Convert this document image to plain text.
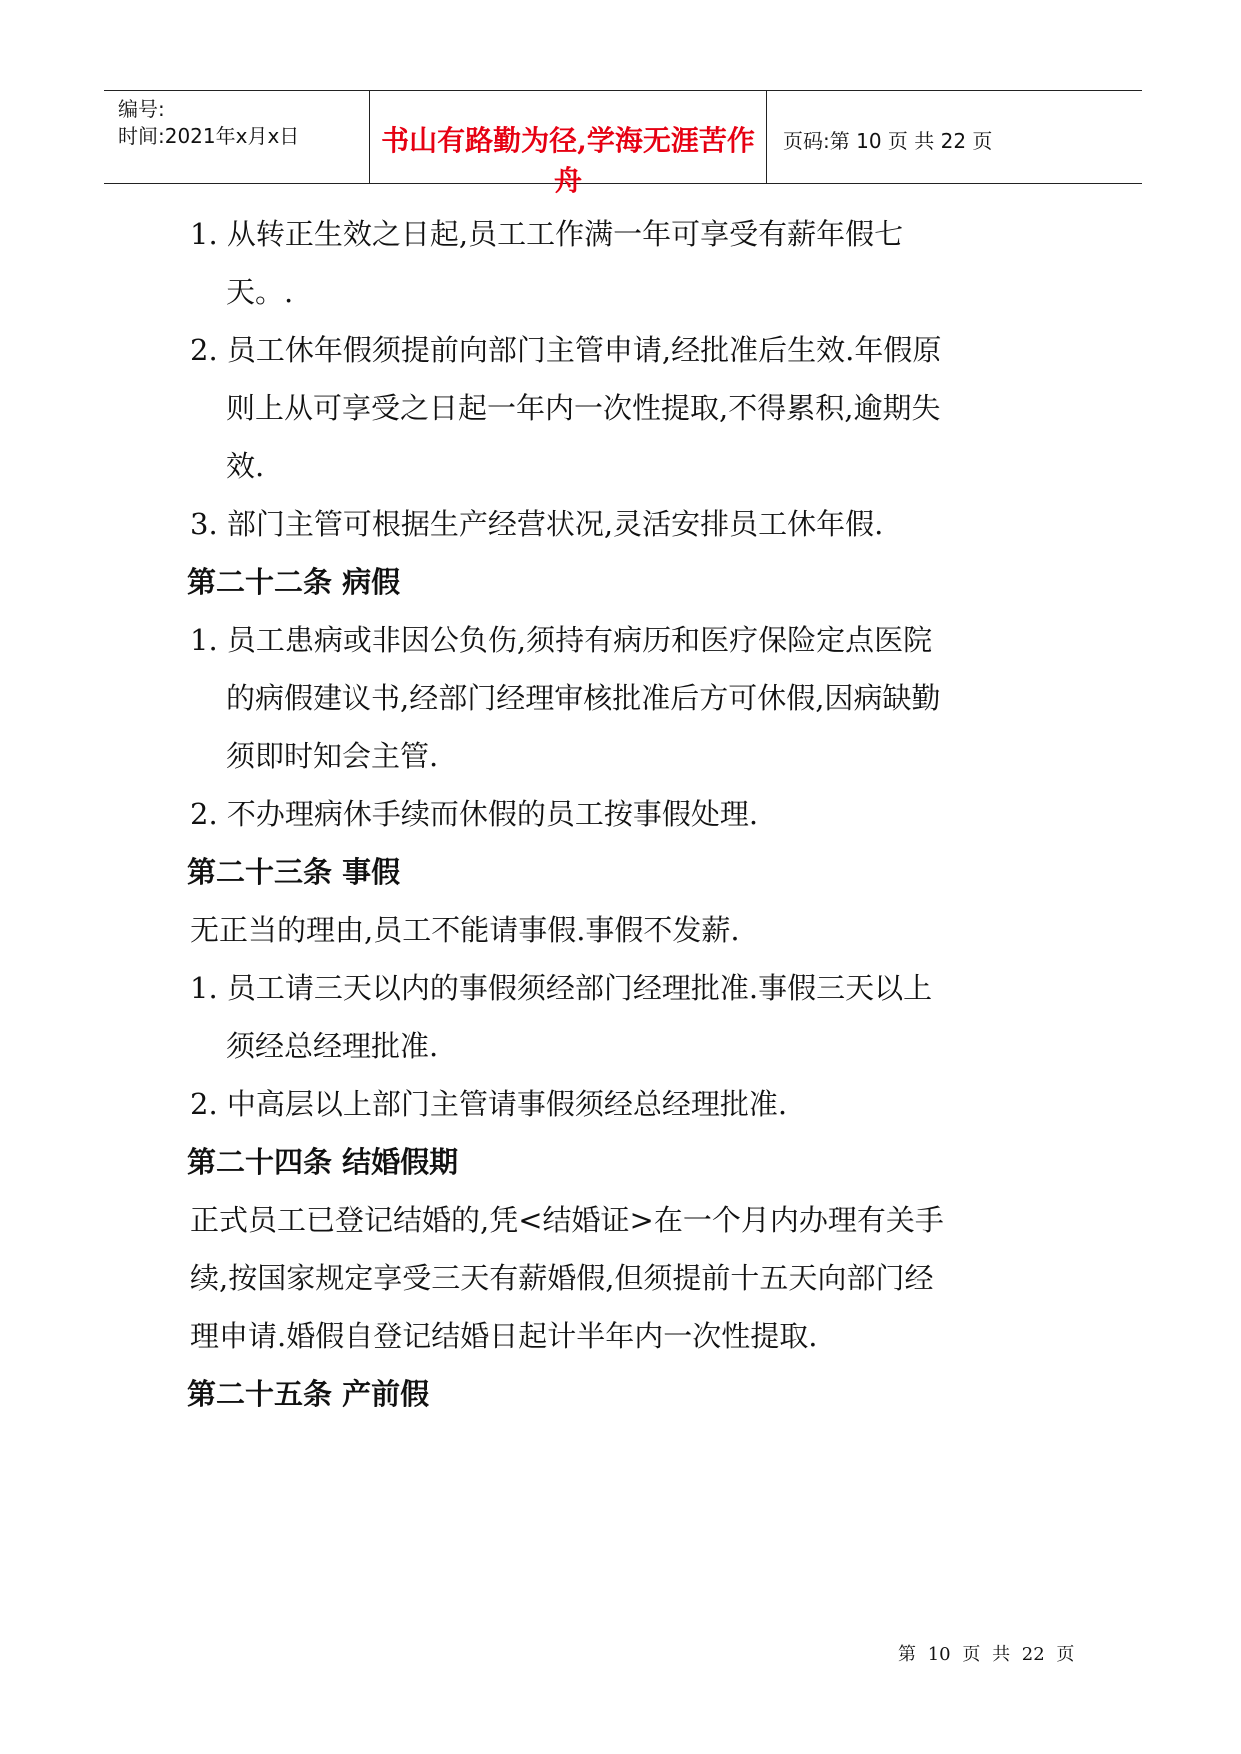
编号:
时间:2021年x月x日	书山有路勤为径,学海无涯苦作舟
页码:第 10 页 共 22 页
1. 从转正生效之日起,员工工作满一年可享受有薪年假七
天。.
2. 员工休年假须提前向部门主管申请,经批准后生效.年假原
则上从可享受之日起一年内一次性提取,不得累积,逾期失
效.
3. 部门主管可根据生产经营状况,灵活安排员工休年假.
第二十二条 病假
1. 员工患病或非因公负伤,须持有病历和医疗保险定点医院
的病假建议书,经部门经理审核批准后方可休假,因病缺勤
须即时知会主管.
2. 不办理病休手续而休假的员工按事假处理.
第二十三条 事假
无正当的理由,员工不能请事假.事假不发薪.
1. 员工请三天以内的事假须经部门经理批准.事假三天以上
须经总经理批准.
2. 中高层以上部门主管请事假须经总经理批准.
第二十四条 结婚假期
正式员工已登记结婚的,凭<结婚证>在一个月内办理有关手
续,按国家规定享受三天有薪婚假,但须提前十五天向部门经
理申请.婚假自登记结婚日起计半年内一次性提取.
第二十五条 产前假
第 10 页 共 22 页
